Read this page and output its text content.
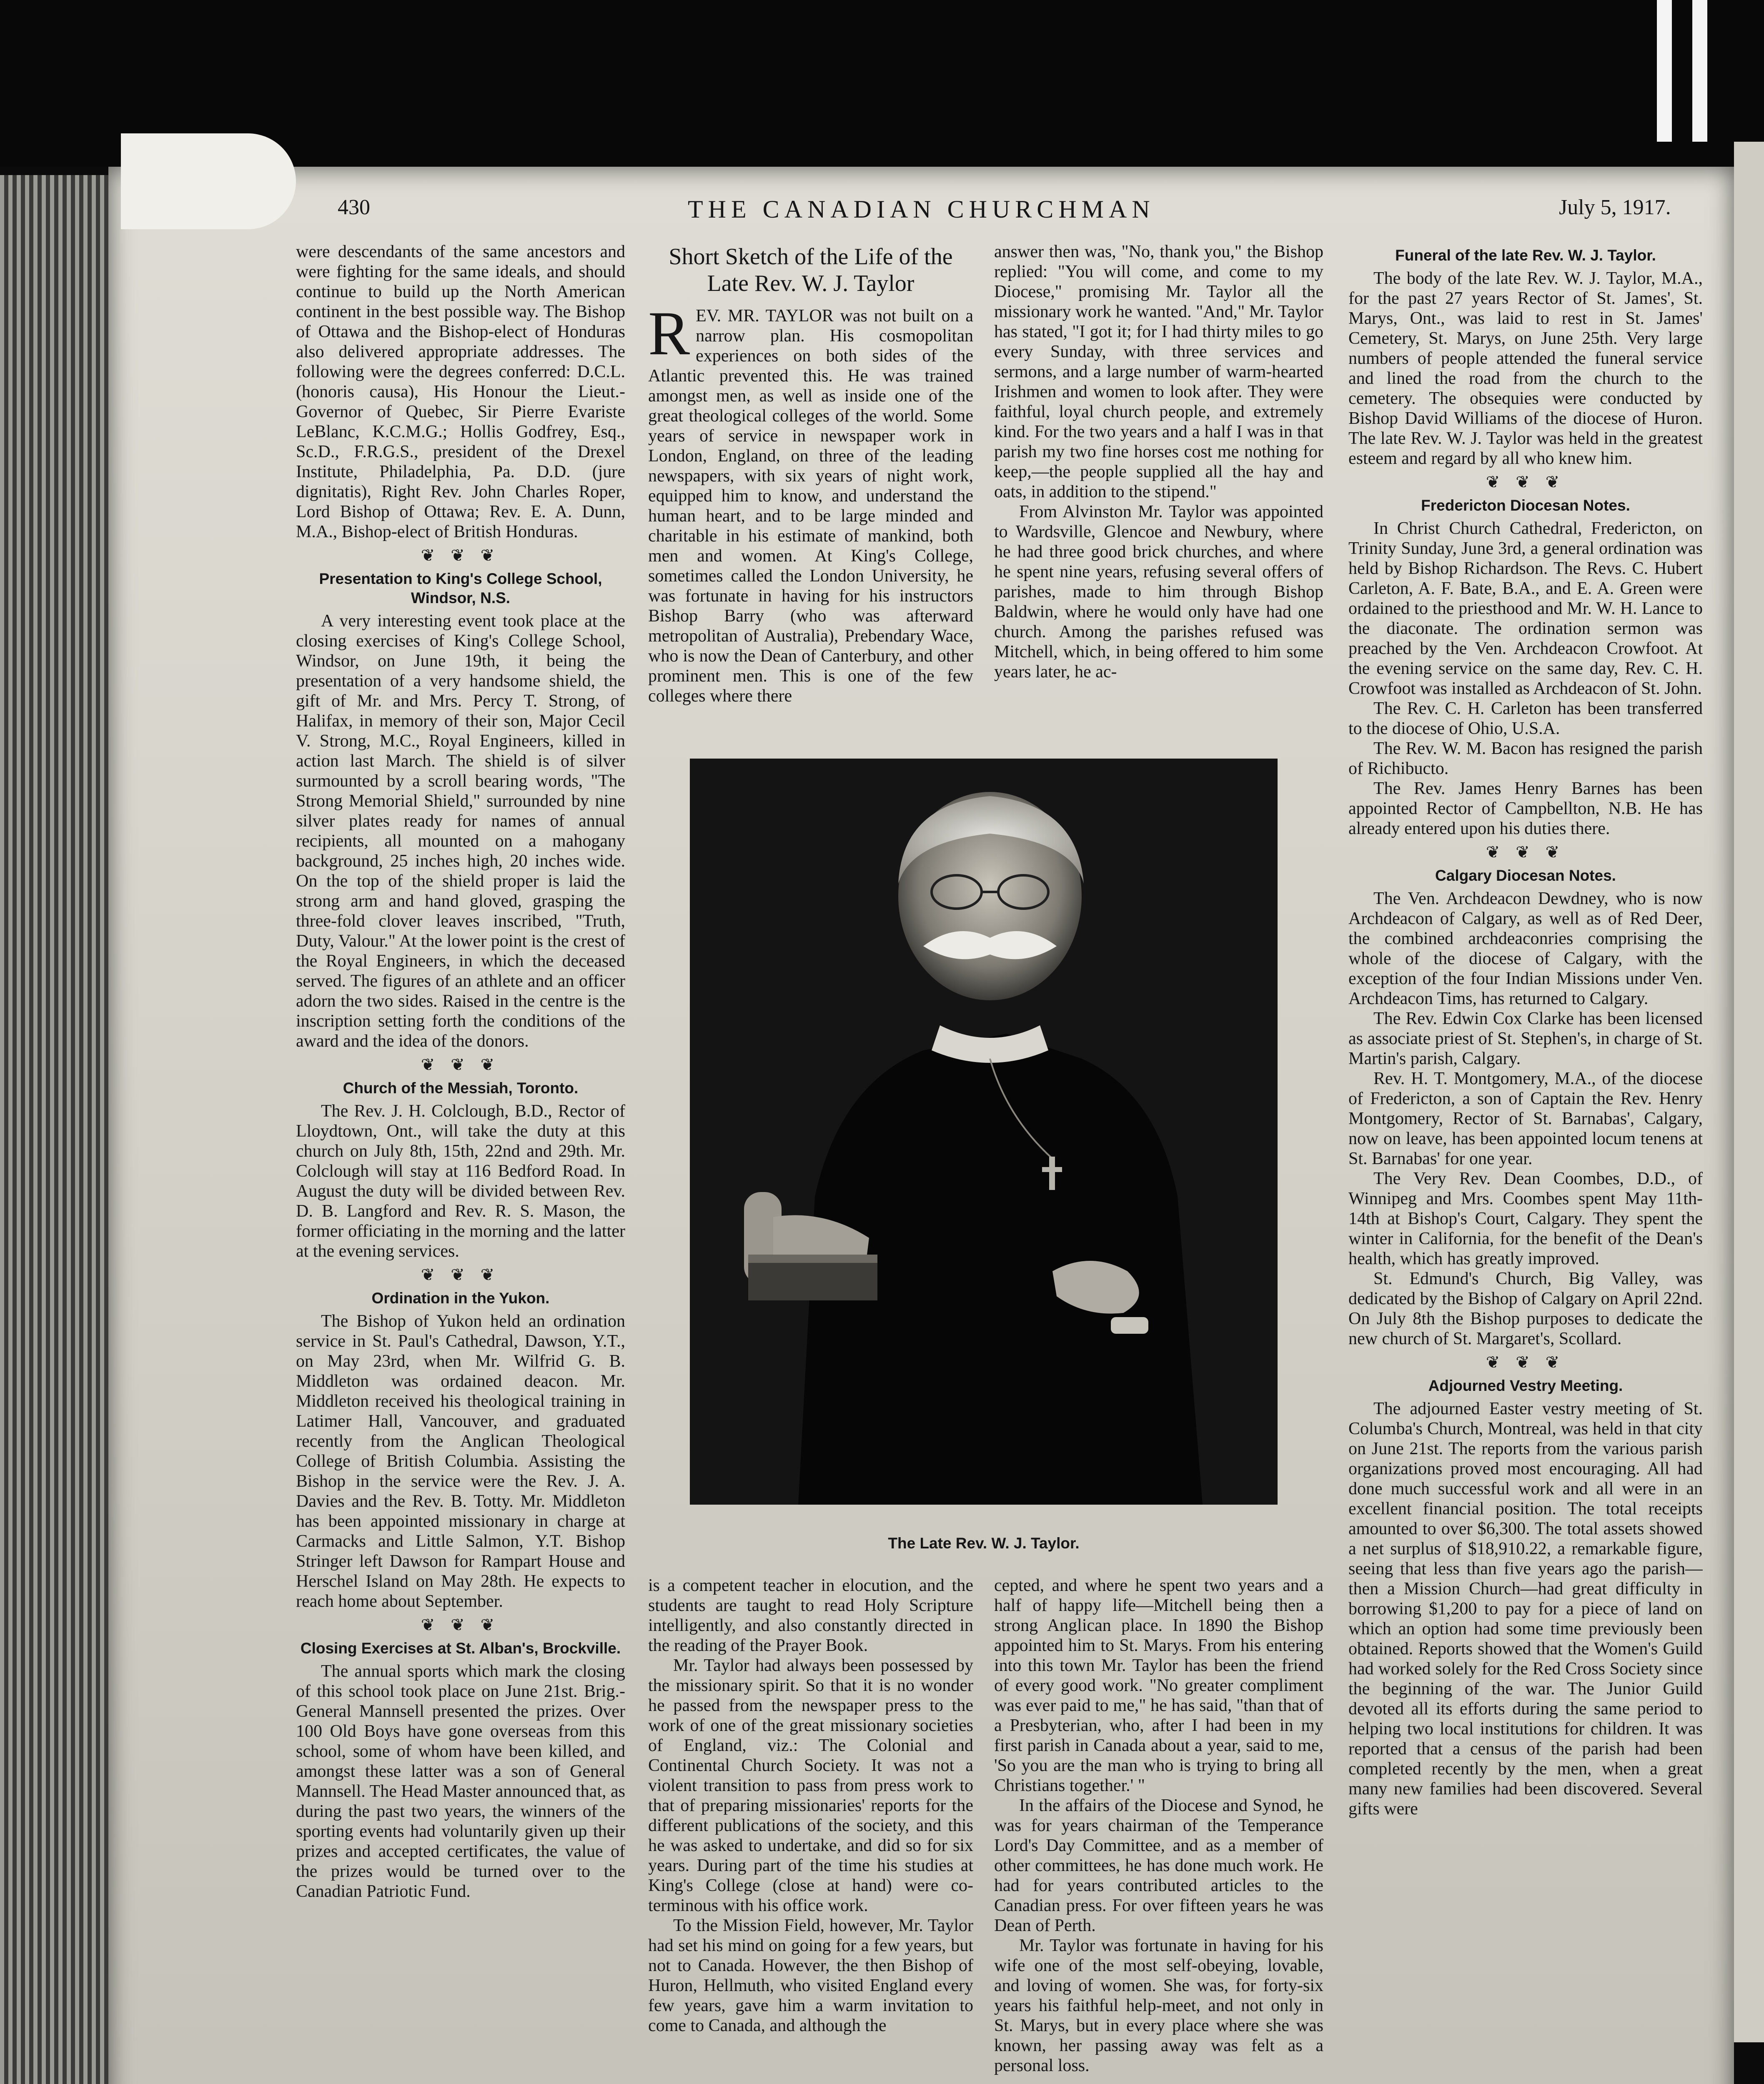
430	THE CANADIAN CHURCHMAN	July 5, 1917.

were descendants of the same ancestors and were fighting for the same ideals, and should continue to build up the North American continent in the best possible way. The Bishop of Ottawa and the Bishop-elect of Honduras also delivered appropriate addresses. The following were the degrees conferred: D.C.L. (honoris causa), His Honour the Lieut.-Governor of Quebec, Sir Pierre Evariste LeBlanc, K.C.M.G.; Hollis Godfrey, Esq., Sc.D., F.R.G.S., president of the Drexel Institute, Philadelphia, Pa. D.D. (jure dignitatis), Right Rev. John Charles Roper, Lord Bishop of Ottawa; Rev. E. A. Dunn, M.A., Bishop-elect of British Honduras.

❦ ❦ ❦
Presentation to King's College School, Windsor, N.S.

A very interesting event took place at the closing exercises of King's College School, Windsor, on June 19th, it being the presentation of a very handsome shield, the gift of Mr. and Mrs. Percy T. Strong, of Halifax, in memory of their son, Major Cecil V. Strong, M.C., Royal Engineers, killed in action last March. The shield is of silver surmounted by a scroll bearing words, "The Strong Memorial Shield," surrounded by nine silver plates ready for names of annual recipients, all mounted on a mahogany background, 25 inches high, 20 inches wide. On the top of the shield proper is laid the strong arm and hand gloved, grasping the three-fold clover leaves inscribed, "Truth, Duty, Valour." At the lower point is the crest of the Royal Engineers, in which the deceased served. The figures of an athlete and an officer adorn the two sides. Raised in the centre is the inscription setting forth the conditions of the award and the idea of the donors.

❦ ❦ ❦
Church of the Messiah, Toronto.

The Rev. J. H. Colclough, B.D., Rector of Lloydtown, Ont., will take the duty at this church on July 8th, 15th, 22nd and 29th. Mr. Colclough will stay at 116 Bedford Road. In August the duty will be divided between Rev. D. B. Langford and Rev. R. S. Mason, the former officiating in the morning and the latter at the evening services.

❦ ❦ ❦
Ordination in the Yukon.

The Bishop of Yukon held an ordination service in St. Paul's Cathedral, Dawson, Y.T., on May 23rd, when Mr. Wilfrid G. B. Middleton was ordained deacon. Mr. Middleton received his theological training in Latimer Hall, Vancouver, and graduated recently from the Anglican Theological College of British Columbia. Assisting the Bishop in the service were the Rev. J. A. Davies and the Rev. B. Totty. Mr. Middleton has been appointed missionary in charge at Carmacks and Little Salmon, Y.T. Bishop Stringer left Dawson for Rampart House and Herschel Island on May 28th. He expects to reach home about September.

❦ ❦ ❦
Closing Exercises at St. Alban's, Brockville.

The annual sports which mark the closing of this school took place on June 21st. Brig.-General Mannsell presented the prizes. Over 100 Old Boys have gone overseas from this school, some of whom have been killed, and amongst these latter was a son of General Mannsell. The Head Master announced that, as during the past two years, the winners of the sporting events had voluntarily given up their prizes and accepted certificates, the value of the prizes would be turned over to the Canadian Patriotic Fund.

Short Sketch of the Life of the Late Rev. W. J. Taylor

REV. MR. TAYLOR was not built on a narrow plan. His cosmopolitan experiences on both sides of the Atlantic prevented this. He was trained amongst men, as well as inside one of the great theological colleges of the world. Some years of service in newspaper work in London, England, on three of the leading newspapers, with six years of night work, equipped him to know, and understand the human heart, and to be large minded and charitable in his estimate of mankind, both men and women. At King's College, sometimes called the London University, he was fortunate in having for his instructors Bishop Barry (who was afterward metropolitan of Australia), Prebendary Wace, who is now the Dean of Canterbury, and other prominent men. This is one of the few colleges where there

answer then was, "No, thank you," the Bishop replied: "You will come, and come to my Diocese," promising Mr. Taylor all the missionary work he wanted. "And," Mr. Taylor has stated, "I got it; for I had thirty miles to go every Sunday, with three services and sermons, and a large number of warm-hearted Irishmen and women to look after. They were faithful, loyal church people, and extremely kind. For the two years and a half I was in that parish my two fine horses cost me nothing for keep,—the people supplied all the hay and oats, in addition to the stipend."

From Alvinston Mr. Taylor was appointed to Wardsville, Glencoe and Newbury, where he had three good brick churches, and where he spent nine years, refusing several offers of parishes, made to him through Bishop Baldwin, where he would only have had one church. Among the parishes refused was Mitchell, which, in being offered to him some years later, he ac-

The Late Rev. W. J. Taylor.

is a competent teacher in elocution, and the students are taught to read Holy Scripture intelligently, and also constantly directed in the reading of the Prayer Book.

Mr. Taylor had always been possessed by the missionary spirit. So that it is no wonder he passed from the newspaper press to the work of one of the great missionary societies of England, viz.: The Colonial and Continental Church Society. It was not a violent transition to pass from press work to that of preparing missionaries' reports for the different publications of the society, and this he was asked to undertake, and did so for six years. During part of the time his studies at King's College (close at hand) were co-terminous with his office work.

To the Mission Field, however, Mr. Taylor had set his mind on going for a few years, but not to Canada. However, the then Bishop of Huron, Hellmuth, who visited England every few years, gave him a warm invitation to come to Canada, and although the

cepted, and where he spent two years and a half of happy life—Mitchell being then a strong Anglican place. In 1890 the Bishop appointed him to St. Marys. From his entering into this town Mr. Taylor has been the friend of every good work. "No greater compliment was ever paid to me," he has said, "than that of a Presbyterian, who, after I had been in my first parish in Canada about a year, said to me, 'So you are the man who is trying to bring all Christians together.' "

In the affairs of the Diocese and Synod, he was for years chairman of the Temperance Lord's Day Committee, and as a member of other committees, he has done much work. He had for years contributed articles to the Canadian press. For over fifteen years he was Dean of Perth.

Mr. Taylor was fortunate in having for his wife one of the most self-obeying, lovable, and loving of women. She was, for forty-six years his faithful help-meet, and not only in St. Marys, but in every place where she was known, her passing away was felt as a personal loss.

Funeral of the late Rev. W. J. Taylor.

The body of the late Rev. W. J. Taylor, M.A., for the past 27 years Rector of St. James', St. Marys, Ont., was laid to rest in St. James' Cemetery, St. Marys, on June 25th. Very large numbers of people attended the funeral service and lined the road from the church to the cemetery. The obsequies were conducted by Bishop David Williams of the diocese of Huron. The late Rev. W. J. Taylor was held in the greatest esteem and regard by all who knew him.

❦ ❦ ❦
Fredericton Diocesan Notes.

In Christ Church Cathedral, Fredericton, on Trinity Sunday, June 3rd, a general ordination was held by Bishop Richardson. The Revs. C. Hubert Carleton, A. F. Bate, B.A., and E. A. Green were ordained to the priesthood and Mr. W. H. Lance to the diaconate. The ordination sermon was preached by the Ven. Archdeacon Crowfoot. At the evening service on the same day, Rev. C. H. Crowfoot was installed as Archdeacon of St. John.

The Rev. C. H. Carleton has been transferred to the diocese of Ohio, U.S.A.

The Rev. W. M. Bacon has resigned the parish of Richibucto.

The Rev. James Henry Barnes has been appointed Rector of Campbellton, N.B. He has already entered upon his duties there.

❦ ❦ ❦
Calgary Diocesan Notes.

The Ven. Archdeacon Dewdney, who is now Archdeacon of Calgary, as well as of Red Deer, the combined archdeaconries comprising the whole of the diocese of Calgary, with the exception of the four Indian Missions under Ven. Archdeacon Tims, has returned to Calgary.

The Rev. Edwin Cox Clarke has been licensed as associate priest of St. Stephen's, in charge of St. Martin's parish, Calgary.

Rev. H. T. Montgomery, M.A., of the diocese of Fredericton, a son of Captain the Rev. Henry Montgomery, Rector of St. Barnabas', Calgary, now on leave, has been appointed locum tenens at St. Barnabas' for one year.

The Very Rev. Dean Coombes, D.D., of Winnipeg and Mrs. Coombes spent May 11th-14th at Bishop's Court, Calgary. They spent the winter in California, for the benefit of the Dean's health, which has greatly improved.

St. Edmund's Church, Big Valley, was dedicated by the Bishop of Calgary on April 22nd. On July 8th the Bishop purposes to dedicate the new church of St. Margaret's, Scollard.

❦ ❦ ❦
Adjourned Vestry Meeting.

The adjourned Easter vestry meeting of St. Columba's Church, Montreal, was held in that city on June 21st. The reports from the various parish organizations proved most encouraging. All had done much successful work and all were in an excellent financial position. The total receipts amounted to over $6,300. The total assets showed a net surplus of $18,910.22, a remarkable figure, seeing that less than five years ago the parish—then a Mission Church—had great difficulty in borrowing $1,200 to pay for a piece of land on which an option had some time previously been obtained. Reports showed that the Women's Guild had worked solely for the Red Cross Society since the beginning of the war. The Junior Guild devoted all its efforts during the same period to helping two local institutions for children. It was reported that a census of the parish had been completed recently by the men, when a great many new families had been discovered. Several gifts were
